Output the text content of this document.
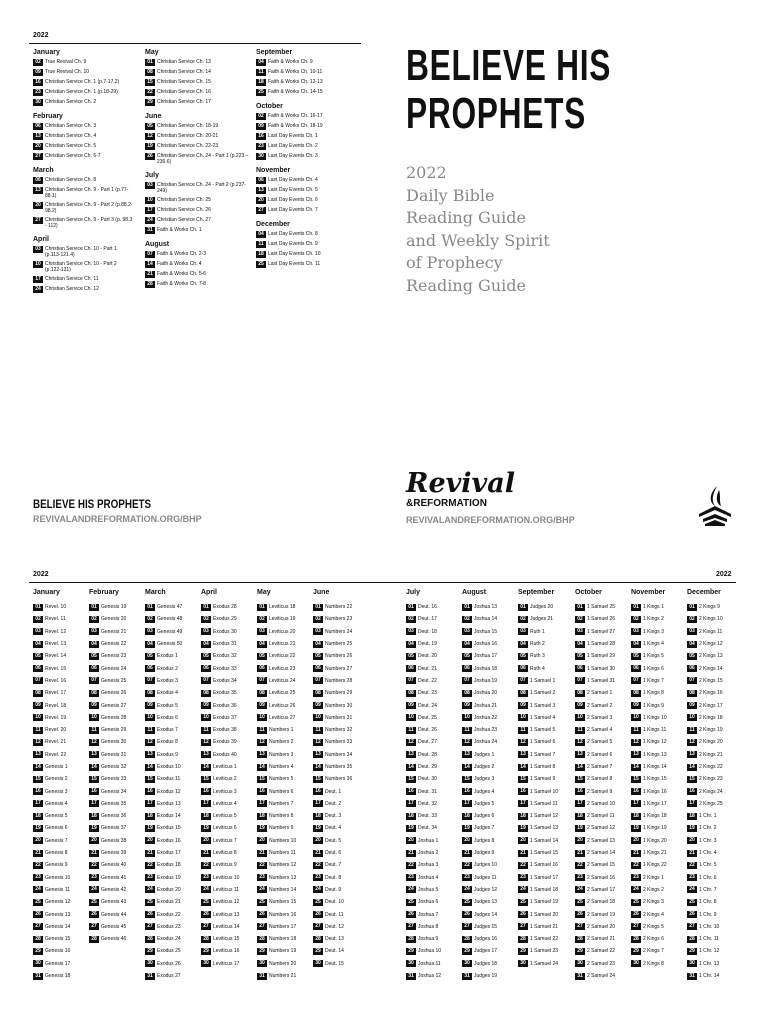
2022
January
02 True Revival Ch. 9
09 True Revival Ch. 10
16 Christian Service Ch. 1 (p.7-17.2)
23 Christian Service Ch. 1 (p.18-29)
30 Christian Service Ch. 2
February
06 Christian Service Ch. 3
13 Christian Service Ch. 4
20 Christian Service Ch. 5
27 Christian Service Ch. 6-7
March
06 Christian Service Ch. 8
13 Christian Service Ch. 9 - Part 1 (p.77-88.1)
20 Christian Service Ch. 9 - Part 2 (p.88.2-98.2)
27 Christian Service Ch. 9 - Part 3 (p. 98.3 - 112)
April
03 Christian Service Ch. 10 - Part 1 (p.113-121.4)
10 Christian Service Ch. 10 - Part 2 (p.122-131)
17 Christian Service Ch. 11
24 Christian Service Ch. 12
May
01 Christian Service Ch. 13
08 Christian Service Ch. 14
15 Christian Service Ch. 15
22 Christian Service Ch. 16
29 Christian Service Ch. 17
June
05 Christian Service Ch. 18-19
12 Christian Service Ch. 20-21
19 Christian Service Ch. 22-23
26 Christian Service Ch. 24 - Part 1 (p.223 – 236.6)
July
03 Christian Service Ch. 24 - Part 2 (p.237-249)
10 Christian Service Ch. 25
17 Christian Service Ch. 26
24 Christian Service Ch. 27
31 Faith & Works Ch. 1
August
07 Faith & Works Ch. 2-3
14 Faith & Works Ch. 4
21 Faith & Works Ch. 5-6
28 Faith & Works Ch. 7-8
September
04 Faith & Works Ch. 9
11 Faith & Works Ch. 10-11
18 Faith & Works Ch. 12-13
25 Faith & Works Ch. 14-15
October
02 Faith & Works Ch. 16-17
09 Faith & Works Ch. 18-19
16 Last Day Events Ch. 1
23 Last Day Events Ch. 2
30 Last Day Events Ch. 3
November
06 Last Day Events Ch. 4
13 Last Day Events Ch. 5
20 Last Day Events Ch. 6
27 Last Day Events Ch. 7
December
04 Last Day Events Ch. 8
11 Last Day Events Ch. 9
18 Last Day Events Ch. 10
25 Last Day Events Ch. 11
BELIEVE HIS
PROPHETS
2022
Daily Bible
Reading Guide
and Weekly Spirit
of Prophecy
Reading Guide
BELIEVE HIS PROPHETS
REVIVALANDREFORMATION.ORG/BHP
Revival
&REFORMATION
REVIVALANDREFORMATION.ORG/BHP
2022	2022
January
01 Revel. 10
02 Revel. 11
03 Revel. 12
04 Revel. 13
05 Revel. 14
06 Revel. 15
07 Revel. 16
08 Revel. 17
09 Revel. 18
10 Revel. 19
11 Revel. 20
12 Revel. 21
13 Revel. 22
14 Genesis 1
15 Genesis 2
16 Genesis 3
17 Genesis 4
18 Genesis 5
19 Genesis 6
20 Genesis 7
21 Genesis 8
22 Genesis 9
23 Genesis 10
24 Genesis 11
25 Genesis 12
26 Genesis 13
27 Genesis 14
28 Genesis 15
29 Genesis 16
30 Genesis 17
31 Genesis 18
February
01 Genesis 19
02 Genesis 20
03 Genesis 21
04 Genesis 22
05 Genesis 23
06 Genesis 24
07 Genesis 25
08 Genesis 26
09 Genesis 27
10 Genesis 28
11 Genesis 29
12 Genesis 30
13 Genesis 31
14 Genesis 32
15 Genesis 33
16 Genesis 34
17 Genesis 35
18 Genesis 36
19 Genesis 37
20 Genesis 38
21 Genesis 39
22 Genesis 40
23 Genesis 41
24 Genesis 42
25 Genesis 43
26 Genesis 44
27 Genesis 45
28 Genesis 46
March
01 Genesis 47
02 Genesis 48
03 Genesis 49
04 Genesis 50
05 Exodus 1
06 Exodus 2
07 Exodus 3
08 Exodus 4
09 Exodus 5
10 Exodus 6
11 Exodus 7
12 Exodus 8
13 Exodus 9
14 Exodus 10
15 Exodus 11
16 Exodus 12
17 Exodus 13
18 Exodus 14
19 Exodus 15
20 Exodus 16
21 Exodus 17
22 Exodus 18
23 Exodus 19
24 Exodus 20
25 Exodus 21
26 Exodus 22
27 Exodus 23
28 Exodus 24
29 Exodus 25
30 Exodus 26
31 Exodus 27
April
01 Exodus 28
02 Exodus 29
03 Exodus 30
04 Exodus 31
05 Exodus 32
06 Exodus 33
07 Exodus 34
08 Exodus 35
09 Exodus 36
10 Exodus 37
11 Exodus 38
12 Exodus 39
13 Exodus 40
14 Leviticus 1
15 Leviticus 2
16 Leviticus 3
17 Leviticus 4
18 Leviticus 5
19 Leviticus 6
20 Leviticus 7
21 Leviticus 8
22 Leviticus 9
23 Leviticus 10
24 Leviticus 11
25 Leviticus 12
26 Leviticus 13
27 Leviticus 14
28 Leviticus 15
29 Leviticus 16
30 Leviticus 17
May
01 Leviticus 18
02 Leviticus 19
03 Leviticus 20
04 Leviticus 21
05 Leviticus 22
06 Leviticus 23
07 Leviticus 24
08 Leviticus 25
09 Leviticus 26
10 Leviticus 27
11 Numbers 1
12 Numbers 2
13 Numbers 3
14 Numbers 4
15 Numbers 5
16 Numbers 6
17 Numbers 7
18 Numbers 8
19 Numbers 9
20 Numbers 10
21 Numbers 11
22 Numbers 12
23 Numbers 13
24 Numbers 14
25 Numbers 15
26 Numbers 16
27 Numbers 17
28 Numbers 18
29 Numbers 19
30 Numbers 20
31 Numbers 21
June
01 Numbers 22
02 Numbers 23
03 Numbers 24
04 Numbers 25
05 Numbers 26
06 Numbers 27
07 Numbers 28
08 Numbers 29
09 Numbers 30
10 Numbers 31
11 Numbers 32
12 Numbers 33
13 Numbers 34
14 Numbers 35
15 Numbers 36
16 Deut. 1
17 Deut. 2
18 Deut. 3
19 Deut. 4
20 Deut. 5
21 Deut. 6
22 Deut. 7
23 Deut. 8
24 Deut. 9
25 Deut. 10
26 Deut. 11
27 Deut. 12
28 Deut. 13
29 Deut. 14
30 Deut. 15
July
01 Deut. 16
02 Deut. 17
03 Deut. 18
04 Deut. 19
05 Deut. 20
06 Deut. 21
07 Deut. 22
08 Deut. 23
09 Deut. 24
10 Deut. 25
11 Deut. 26
12 Deut. 27
13 Deut. 28
14 Deut. 29
15 Deut. 30
16 Deut. 31
17 Deut. 32
18 Deut. 33
19 Deut. 34
20 Joshua 1
21 Joshua 2
22 Joshua 3
23 Joshua 4
24 Joshua 5
25 Joshua 6
26 Joshua 7
27 Joshua 8
28 Joshua 9
29 Joshua 10
30 Joshua 11
31 Joshua 12
August
01 Joshua 13
02 Joshua 14
03 Joshua 15
04 Joshua 16
05 Joshua 17
06 Joshua 18
07 Joshua 19
08 Joshua 20
09 Joshua 21
10 Joshua 22
11 Joshua 23
12 Joshua 24
13 Judges 1
14 Judges 2
15 Judges 3
16 Judges 4
17 Judges 5
18 Judges 6
19 Judges 7
20 Judges 8
21 Judges 9
22 Judges 10
23 Judges 11
24 Judges 12
25 Judges 13
26 Judges 14
27 Judges 15
28 Judges 16
29 Judges 17
30 Judges 18
31 Judges 19
September
01 Judges 20
02 Judges 21
03 Ruth 1
04 Ruth 2
05 Ruth 3
06 Ruth 4
07 1 Samuel 1
08 1 Samuel 2
09 1 Samuel 3
10 1 Samuel 4
11 1 Samuel 5
12 1 Samuel 6
13 1 Samuel 7
14 1 Samuel 8
15 1 Samuel 9
16 1 Samuel 10
17 1 Samuel 11
18 1 Samuel 12
19 1 Samuel 13
20 1 Samuel 14
21 1 Samuel 15
22 1 Samuel 16
23 1 Samuel 17
24 1 Samuel 18
25 1 Samuel 19
26 1 Samuel 20
27 1 Samuel 21
28 1 Samuel 22
29 1 Samuel 23
30 1 Samuel 24
October
01 1 Samuel 25
02 1 Samuel 26
03 1 Samuel 27
04 1 Samuel 28
05 1 Samuel 29
06 1 Samuel 30
07 1 Samuel 31
08 2 Samuel 1
09 2 Samuel 2
10 2 Samuel 3
11 2 Samuel 4
12 2 Samuel 5
13 2 Samuel 6
14 2 Samuel 7
15 2 Samuel 8
16 2 Samuel 9
17 2 Samuel 10
18 2 Samuel 11
19 2 Samuel 12
20 2 Samuel 13
21 2 Samuel 14
22 2 Samuel 15
23 2 Samuel 16
24 2 Samuel 17
25 2 Samuel 18
26 2 Samuel 19
27 2 Samuel 20
28 2 Samuel 21
29 2 Samuel 22
30 2 Samuel 23
31 2 Samuel 24
November
01 1 Kings 1
02 1 Kings 2
03 1 Kings 3
04 1 Kings 4
05 1 Kings 5
06 1 Kings 6
07 1 Kings 7
08 1 Kings 8
09 1 Kings 9
10 1 Kings 10
11 1 Kings 11
12 1 Kings 12
13 1 Kings 13
14 1 Kings 14
15 1 Kings 15
16 1 Kings 16
17 1 Kings 17
18 1 Kings 18
19 1 Kings 19
20 1 Kings 20
21 1 Kings 21
22 1 Kings 22
23 2 Kings 1
24 2 Kings 2
25 2 Kings 3
26 2 Kings 4
27 2 Kings 5
28 2 Kings 6
29 2 Kings 7
30 2 Kings 8
December
01 2 Kings 9
02 2 Kings 10
03 2 Kings 11
04 2 Kings 12
05 2 Kings 13
06 2 Kings 14
07 2 Kings 15
08 2 Kings 16
09 2 Kings 17
10 2 Kings 18
11 2 Kings 19
12 2 Kings 20
13 2 Kings 21
14 2 Kings 22
15 2 Kings 23
16 2 Kings 24
17 2 Kings 25
18 1 Chr. 1
19 1 Chr. 2
20 1 Chr. 3
21 1 Chr. 4
22 1 Chr. 5
23 1 Chr. 6
24 1 Chr. 7
25 1 Chr. 8
26 1 Chr. 9
27 1 Chr. 10
28 1 Chr. 11
29 1 Chr. 12
30 1 Chr. 13
31 1 Chr. 14
